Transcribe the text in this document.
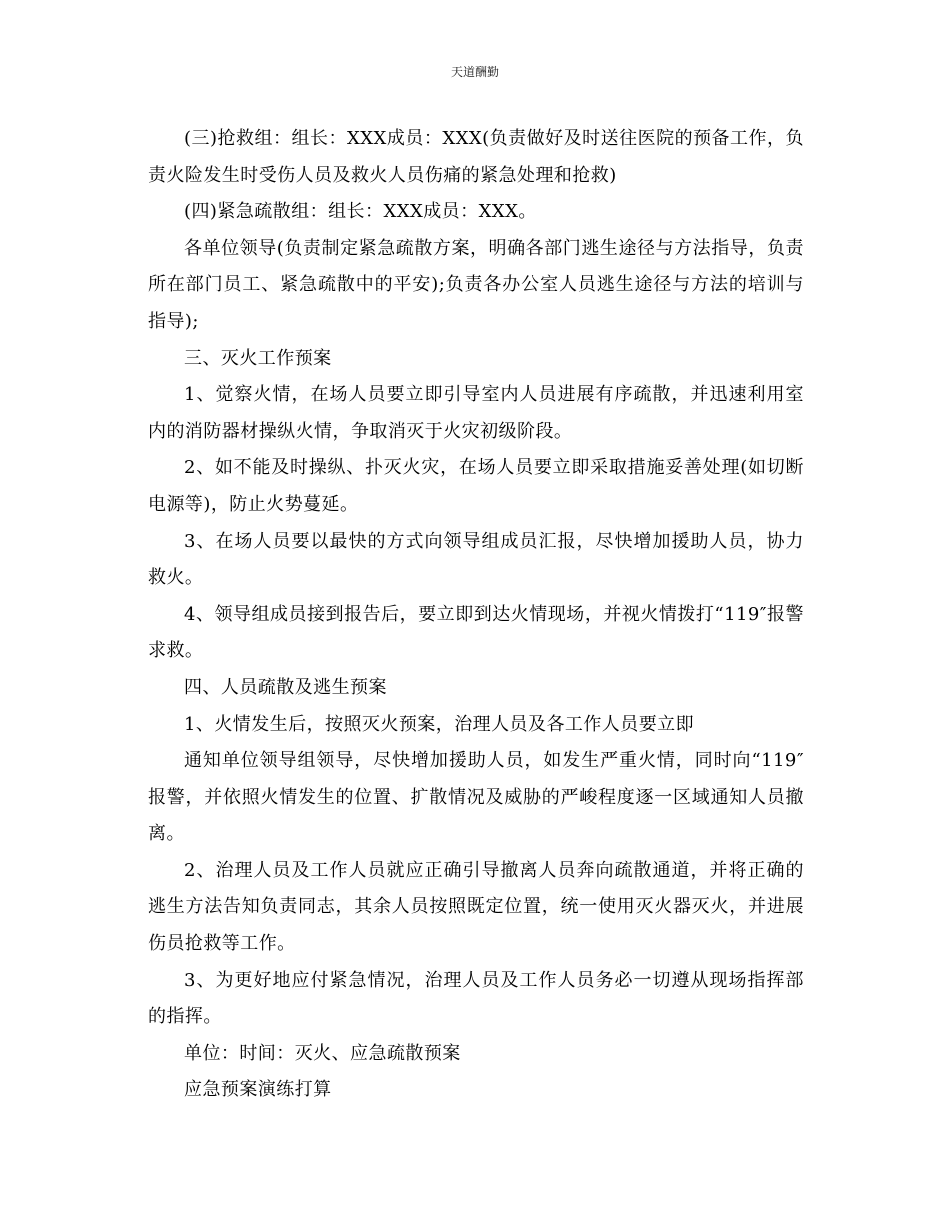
天道酬勤

(三)抢救组：组长：XXX成员：XXX(负责做好及时送往医院的预备工作，负责火险发生时受伤人员及救火人员伤痛的紧急处理和抢救)

(四)紧急疏散组：组长：XXX成员：XXX。

各单位领导(负责制定紧急疏散方案，明确各部门逃生途径与方法指导，负责所在部门员工、紧急疏散中的平安);负责各办公室人员逃生途径与方法的培训与指导);

三、灭火工作预案

1、觉察火情，在场人员要立即引导室内人员进展有序疏散，并迅速利用室内的消防器材操纵火情，争取消灭于火灾初级阶段。

2、如不能及时操纵、扑灭火灾，在场人员要立即采取措施妥善处理(如切断电源等)，防止火势蔓延。

3、在场人员要以最快的方式向领导组成员汇报，尽快增加援助人员，协力救火。

4、领导组成员接到报告后，要立即到达火情现场，并视火情拨打“119″报警求救。

四、人员疏散及逃生预案

1、火情发生后，按照灭火预案，治理人员及各工作人员要立即

通知单位领导组领导，尽快增加援助人员，如发生严重火情，同时向“119″报警，并依照火情发生的位置、扩散情况及威胁的严峻程度逐一区域通知人员撤离。

2、治理人员及工作人员就应正确引导撤离人员奔向疏散通道，并将正确的逃生方法告知负责同志，其余人员按照既定位置，统一使用灭火器灭火，并进展伤员抢救等工作。

3、为更好地应付紧急情况，治理人员及工作人员务必一切遵从现场指挥部的指挥。

单位：时间：灭火、应急疏散预案

应急预案演练打算
